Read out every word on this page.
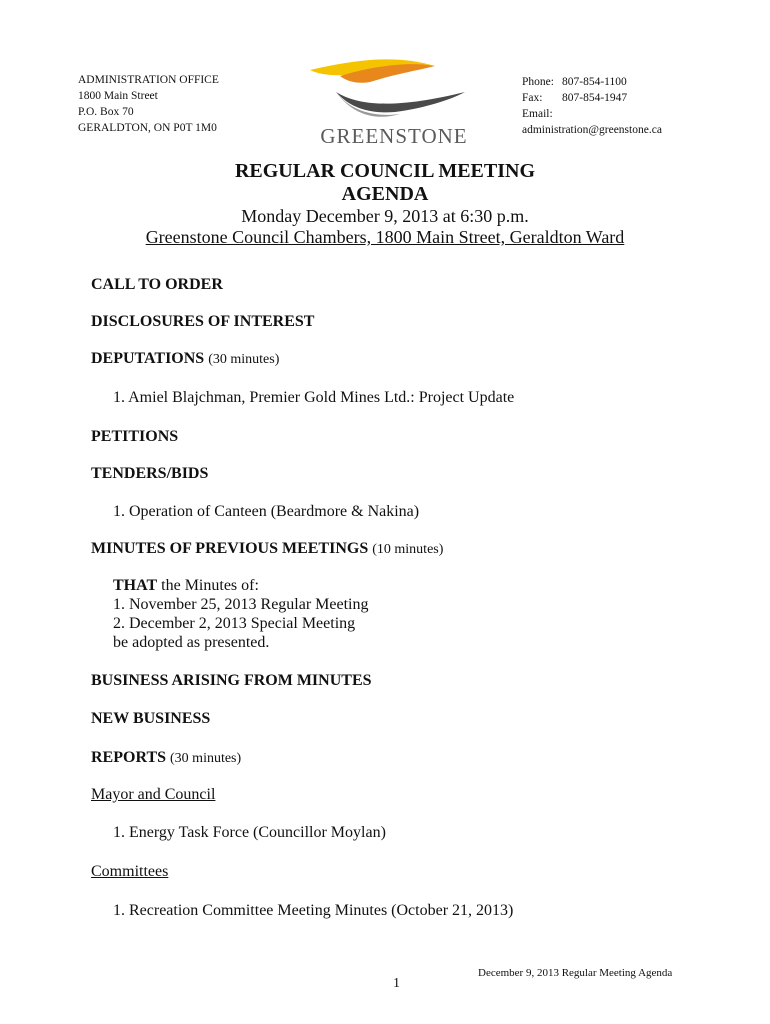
ADMINISTRATION OFFICE
1800 Main Street
P.O. Box 70
GERALDTON, ON P0T 1M0	GREENSTONE
Phone: 807-854-1100
Fax: 807-854-1947
Email:
administration@greenstone.ca
REGULAR COUNCIL MEETING
AGENDA
Monday December 9, 2013 at 6:30 p.m.
Greenstone Council Chambers, 1800 Main Street, Geraldton Ward
CALL TO ORDER
DISCLOSURES OF INTEREST
DEPUTATIONS (30 minutes)
1. Amiel Blajchman, Premier Gold Mines Ltd.: Project Update
PETITIONS
TENDERS/BIDS
1. Operation of Canteen (Beardmore & Nakina)
MINUTES OF PREVIOUS MEETINGS (10 minutes)
THAT the Minutes of:
1. November 25, 2013 Regular Meeting
2. December 2, 2013 Special Meeting
be adopted as presented.
BUSINESS ARISING FROM MINUTES
NEW BUSINESS
REPORTS (30 minutes)
Mayor and Council
1. Energy Task Force (Councillor Moylan)
Committees
1. Recreation Committee Meeting Minutes (October 21, 2013)
December 9, 2013 Regular Meeting Agenda
1
